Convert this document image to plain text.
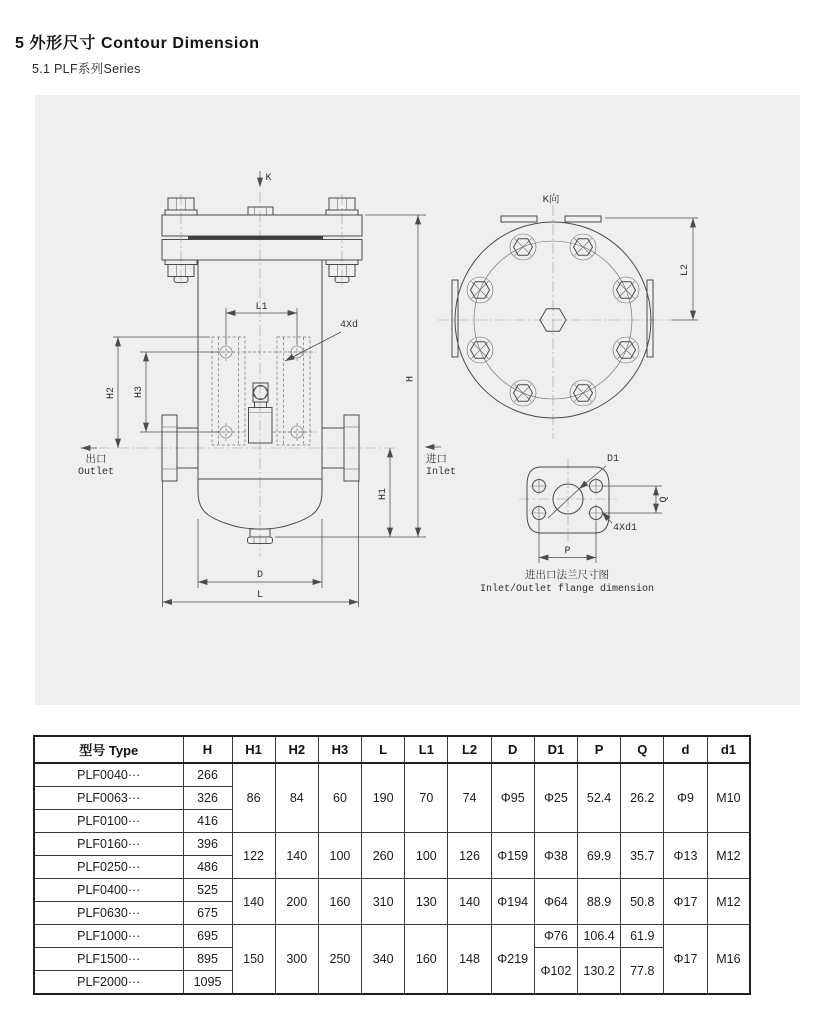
5 外形尺寸 Contour Dimension
5.1 PLF系列Series
K
出口
Outlet
进口
Inlet
L1
4Xd
H2 H3
H1
H
D
L
K向
L2
D1
4Xd1
Q
P
进出口法兰尺寸图
Inlet/Outlet flange dimension
型号 Type	H	H1	H2	H3	L	L1	L2	D	D1	P	Q	d	d1
PLF0040···	266	86	84	60	190	70	74	Φ95	Φ25	52.4	26.2	Φ9	M10
PLF0063···	326												
PLF0100···	416												
PLF0160···	396	122	140	100	260	100	126	Φ159	Φ38	69.9	35.7	Φ13	M12
PLF0250···	486												
PLF0400···	525	140	200	160	310	130	140	Φ194	Φ64	88.9	50.8	Φ17	M12
PLF0630···	675												
PLF1000···	695	150	300	250	340	160	148	Φ219	Φ76	106.4	61.9	Φ17	M16
PLF1500···	895								Φ102	130.2	77.8		
PLF2000···	1095												
